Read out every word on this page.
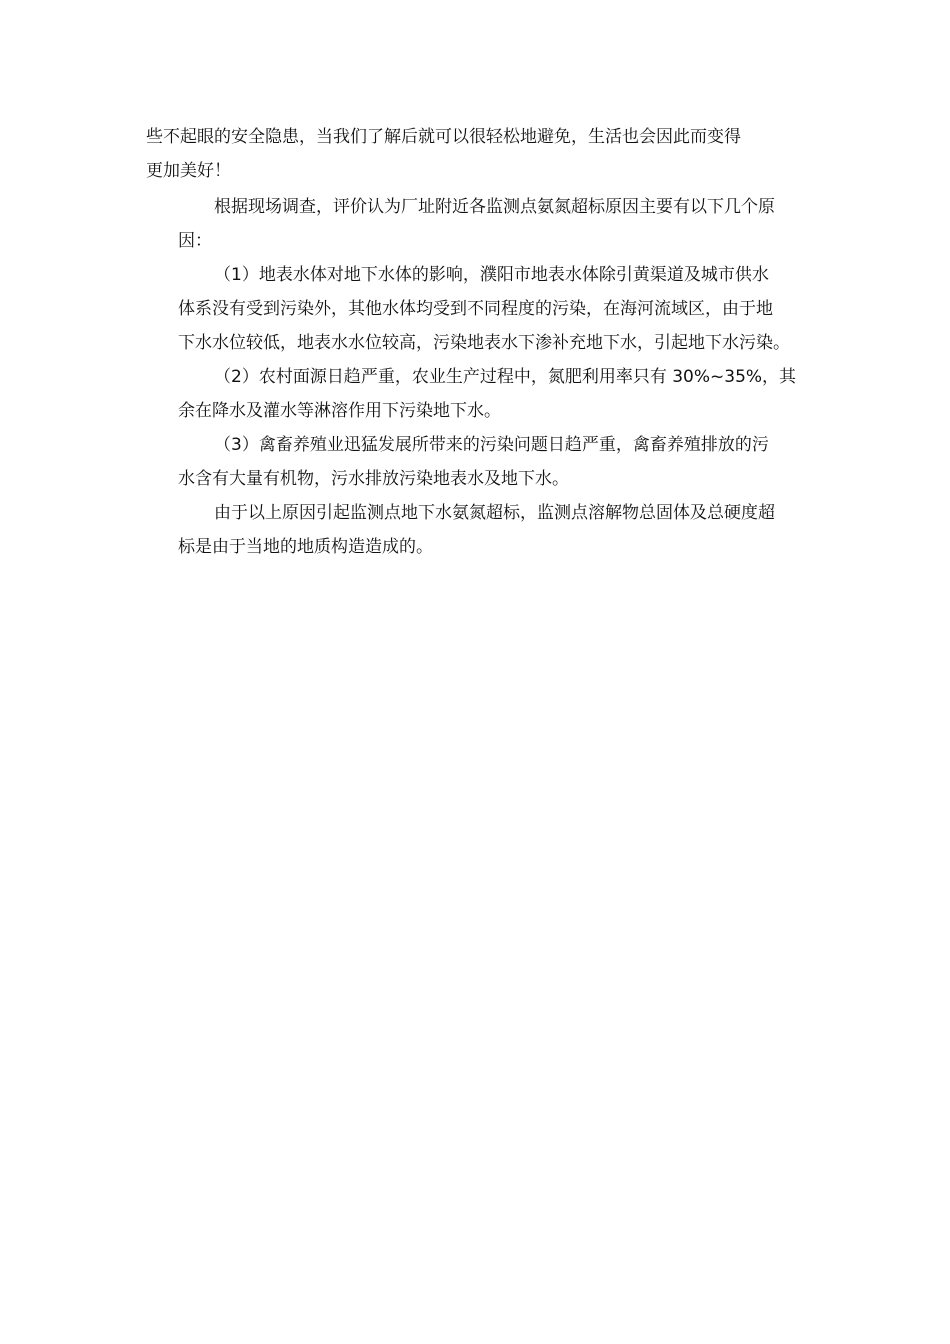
些不起眼的安全隐患，当我们了解后就可以很轻松地避免，生活也会因此而变得
更加美好！

根据现场调查，评价认为厂址附近各监测点氨氮超标原因主要有以下几个原
因：

（1）地表水体对地下水体的影响，濮阳市地表水体除引黄渠道及城市供水
体系没有受到污染外，其他水体均受到不同程度的污染，在海河流域区，由于地
下水水位较低，地表水水位较高，污染地表水下渗补充地下水，引起地下水污染。

（2）农村面源日趋严重，农业生产过程中，氮肥利用率只有 30%~35%，其
余在降水及灌水等淋溶作用下污染地下水。

（3）禽畜养殖业迅猛发展所带来的污染问题日趋严重，禽畜养殖排放的污
水含有大量有机物，污水排放污染地表水及地下水。

由于以上原因引起监测点地下水氨氮超标，监测点溶解物总固体及总硬度超
标是由于当地的地质构造造成的。
